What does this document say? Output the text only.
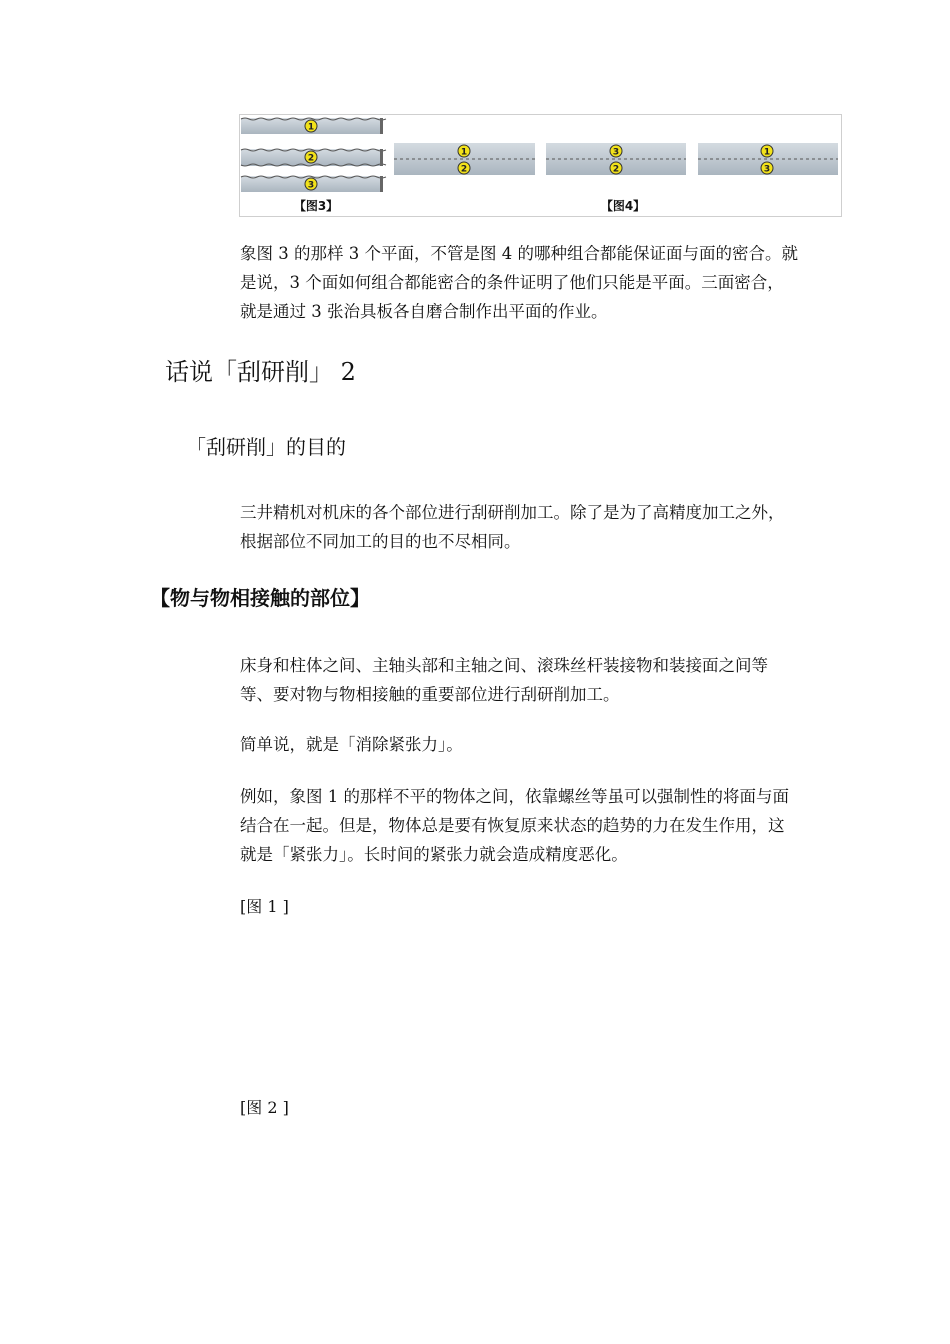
1
2
3
【图3】
1
2
3
2
1
3
【图4】

象图 3 的那样 3 个平面，不管是图 4 的哪种组合都能保证面与面的密合。就是说，3 个面如何组合都能密合的条件证明了他们只能是平面。三面密合，就是通过 3 张治具板各自磨合制作出平面的作业。

话说「刮研削」 2
「刮研削」的目的

三井精机对机床的各个部位进行刮研削加工。除了是为了高精度加工之外，根据部位不同加工的目的也不尽相同。

【物与物相接触的部位】

床身和柱体之间、主轴头部和主轴之间、滚珠丝杆装接物和装接面之间等等、要对物与物相接触的重要部位进行刮研削加工。

简单说，就是「消除紧张力」。

例如，象图 1 的那样不平的物体之间，依靠螺丝等虽可以强制性的将面与面结合在一起。但是，物体总是要有恢复原来状态的趋势的力在发生作用，这就是「紧张力」。长时间的紧张力就会造成精度恶化。

[图 1 ]

[图 2 ]
